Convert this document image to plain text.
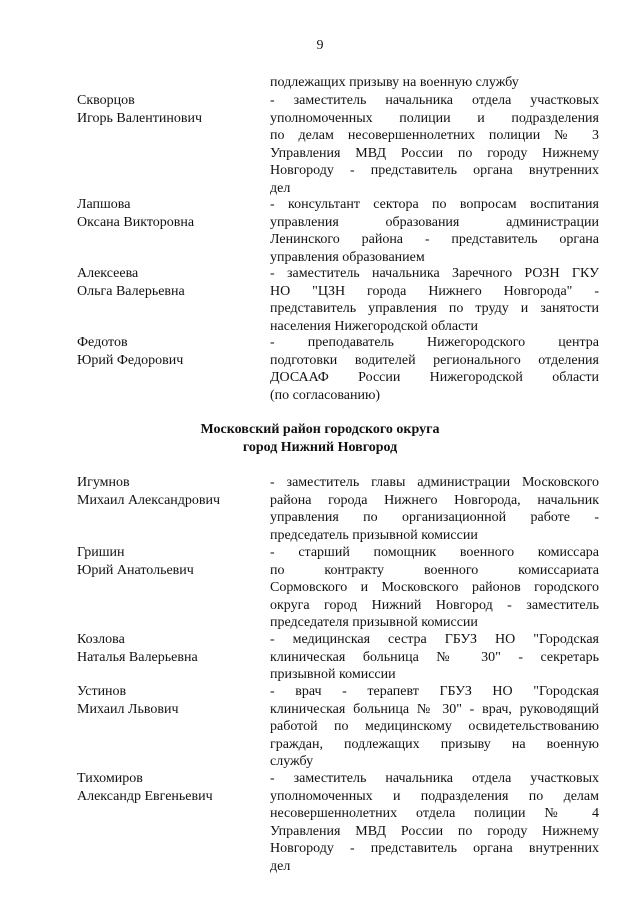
9
подлежащих призыву на военную службу
Скворцов
Игорь Валентинович
- заместитель начальника отдела участковых
уполномоченных полиции и подразделения
по делам несовершеннолетних полиции № 3
Управления МВД России по городу Нижнему
Новгороду - представитель органа внутренних
дел
Лапшова
Оксана Викторовна
- консультант сектора по вопросам воспитания
управления образования администрации
Ленинского района - представитель органа
управления образованием
Алексеева
Ольга Валерьевна
- заместитель начальника Заречного РОЗН ГКУ
НО "ЦЗН города Нижнего Новгорода" -
представитель управления по труду и занятости
населения Нижегородской области
Федотов
Юрий Федорович
- преподаватель Нижегородского центра
подготовки водителей регионального отделения
ДОСААФ России Нижегородской области
(по согласованию)
Московский район городского округа
город Нижний Новгород
Игумнов
Михаил Александрович
- заместитель главы администрации Московского
района города Нижнего Новгорода, начальник
управления по организационной работе -
председатель призывной комиссии
Гришин
Юрий Анатольевич
- старший помощник военного комиссара
по контракту военного комиссариата
Сормовского и Московского районов городского
округа город Нижний Новгород - заместитель
председателя призывной комиссии
Козлова
Наталья Валерьевна
- медицинская сестра ГБУЗ НО "Городская
клиническая больница № 30" - секретарь
призывной комиссии
Устинов
Михаил Львович
- врач - терапевт ГБУЗ НО "Городская
клиническая больница № 30" - врач, руководящий
работой по медицинскому освидетельствованию
граждан, подлежащих призыву на военную
службу
Тихомиров
Александр Евгеньевич
- заместитель начальника отдела участковых
уполномоченных и подразделения по делам
несовершеннолетних отдела полиции № 4
Управления МВД России по городу Нижнему
Новгороду - представитель органа внутренних
дел
